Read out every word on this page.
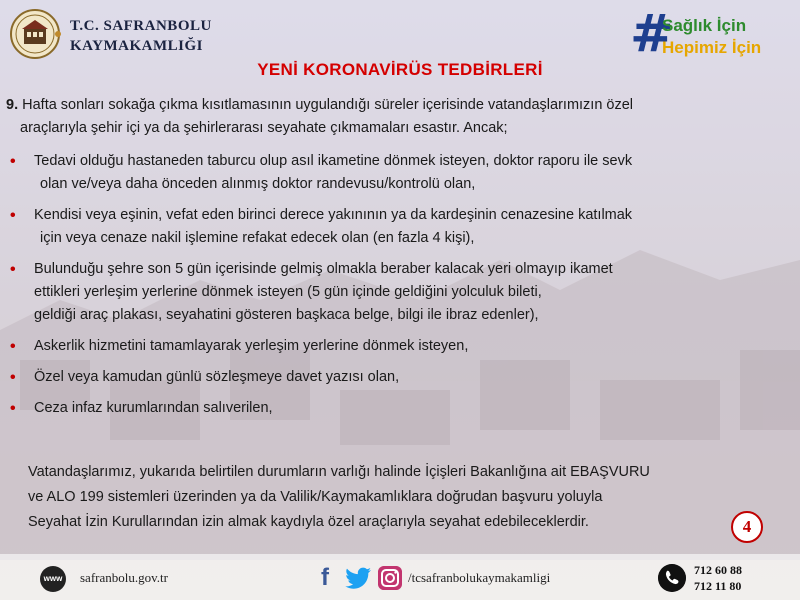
T.C. SAFRANBOLU
KAYMAKAMLIĞI	#
Sağlık İçin
Hepimiz İçin
YENİ KORONAVİRÜS TEDBİRLERİ
9. Hafta sonları sokağa çıkma kısıtlamasının uygulandığı süreler içerisinde vatandaşlarımızın özel
araçlarıyla şehir içi ya da şehirlerarası seyahate çıkmamaları esastır. Ancak;
• Tedavi olduğu hastaneden taburcu olup asıl ikametine dönmek isteyen, doktor raporu ile sevk
olan ve/veya daha önceden alınmış doktor randevusu/kontrolü olan,
• Kendisi veya eşinin, vefat eden birinci derece yakınının ya da kardeşinin cenazesine katılmak
için veya cenaze nakil işlemine refakat edecek olan (en fazla 4 kişi),
• Bulunduğu şehre son 5 gün içerisinde gelmiş olmakla beraber kalacak yeri olmayıp ikamet
ettikleri yerleşim yerlerine dönmek isteyen (5 gün içinde geldiğini yolculuk bileti,
geldiği araç plakası, seyahatini gösteren başkaca belge, bilgi ile ibraz edenler),
• Askerlik hizmetini tamamlayarak yerleşim yerlerine dönmek isteyen,
• Özel veya kamudan günlü sözleşmeye davet yazısı olan,
• Ceza infaz kurumlarından salıverilen,
Vatandaşlarımız, yukarıda belirtilen durumların varlığı halinde İçişleri Bakanlığına ait EBAŞVURU
ve ALO 199 sistemleri üzerinden ya da Valilik/Kaymakamlıklara doğrudan başvuru yoluyla
Seyahat İzin Kurullarından izin almak kaydıyla özel araçlarıyla seyahat edebileceklerdir.	4
www safranbolu.gov.tr	f	/tcsafranbolukaymakamligi	712 60 88
712 11 80
